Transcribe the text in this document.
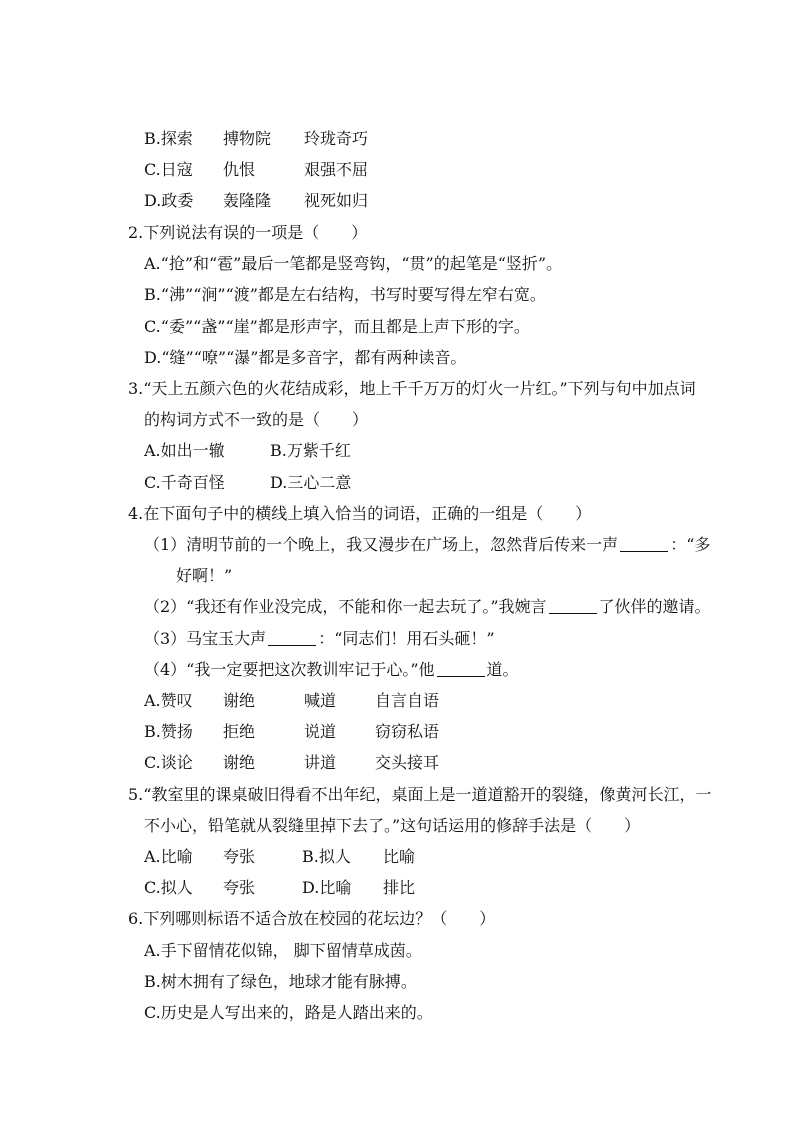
B.探索 搏物院 玲珑奇巧
C.日寇 仇恨	艰强不屈
D.政委 轰隆隆 视死如归
2.下列说法有误的一项是（　　）
A.“抢”和“雹”最后一笔都是竖弯钩，“贯”的起笔是“竖折”。
B.“沸”“涧”“渡”都是左右结构，书写时要写得左窄右宽。
C.“委”“盏”“崖”都是形声字，而且都是上声下形的字。
D.“缝”“嘹”“瀑”都是多音字，都有两种读音。
3.“天上五颜六色的火花结成彩，地上千千万万的灯火一片红。”下列与句中加点词
的构词方式不一致的是（　　）
A.如出一辙	B.万紫千红
C.千奇百怪	D.三心二意
4.在下面句子中的横线上填入恰当的词语，正确的一组是（　　）
（1）清明节前的一个晚上，我又漫步在广场上，忽然背后传来一声	：“多
好啊！”
（2）“我还有作业没完成，不能和你一起去玩了。”我婉言	了伙伴的邀请。
（3）马宝玉大声	：“同志们！用石头砸！”
（4）“我一定要把这次教训牢记于心。”他	道。
A.赞叹 谢绝	喊道 自言自语
B.赞扬 拒绝	说道 窃窃私语
C.谈论 谢绝	讲道 交头接耳
5.“教室里的课桌破旧得看不出年纪，桌面上是一道道豁开的裂缝，像黄河长江，一
不小心，铅笔就从裂缝里掉下去了。”这句话运用的修辞手法是（　　）
A.比喻 夸张	B.拟人 比喻
C.拟人 夸张	D.比喻 排比
6.下列哪则标语不适合放在校园的花坛边？（　　）
A.手下留情花似锦， 脚下留情草成茵。
B.树木拥有了绿色，地球才能有脉搏。
C.历史是人写出来的，路是人踏出来的。
